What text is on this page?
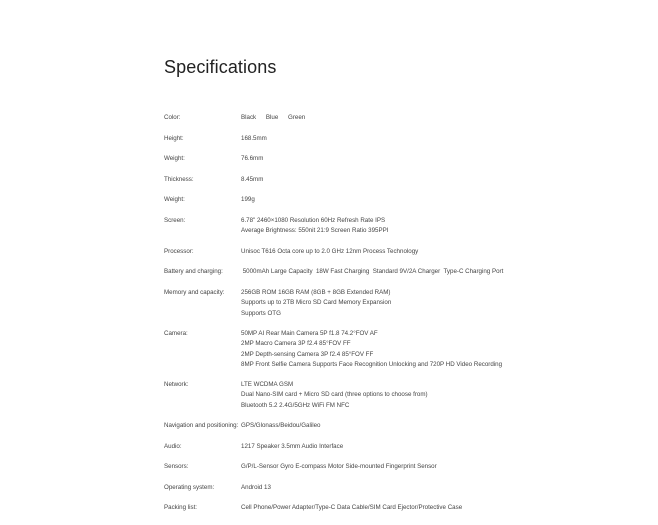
Specifications
Color:	Black Blue Green
Height:	168.5mm
Weight:	76.6mm
Thickness:	8.45mm
Weight:	199g
Screen:	6.78" 2460×1080 Resolution 60Hz Refresh Rate IPS
Average Brightness: 550nit 21:9 Screen Ratio 395PPI
Processor:	Unisoc T616 Octa core up to 2.0 GHz 12nm Process Technology
Battery and charging:	5000mAh Large Capacity  18W Fast Charging  Standard 9V/2A Charger  Type-C Charging Port
Memory and capacity:	256GB ROM 16GB RAM (8GB + 8GB Extended RAM)
Supports up to 2TB Micro SD Card Memory Expansion
Supports OTG
Camera:	50MP AI Rear Main Camera 5P f1.8 74.2°FOV AF
2MP Macro Camera 3P f2.4 85°FOV FF
2MP Depth-sensing Camera 3P f2.4 85°FOV FF
8MP Front Selfie Camera Supports Face Recognition Unlocking and 720P HD Video Recording
Network:	LTE WCDMA GSM
Dual Nano-SIM card + Micro SD card (three options to choose from)
Bluetooth 5.2 2.4G/5GHz WiFi FM NFC
Navigation and positioning: GPS/Glonass/Beidou/Galileo
Audio:	1217 Speaker 3.5mm Audio Interface
Sensors:	G/P/L-Sensor Gyro E-compass Motor Side-mounted Fingerprint Sensor
Operating system:	Android 13
Packing list:	Cell Phone/Power Adapter/Type-C Data Cable/SIM Card Ejector/Protective Case
